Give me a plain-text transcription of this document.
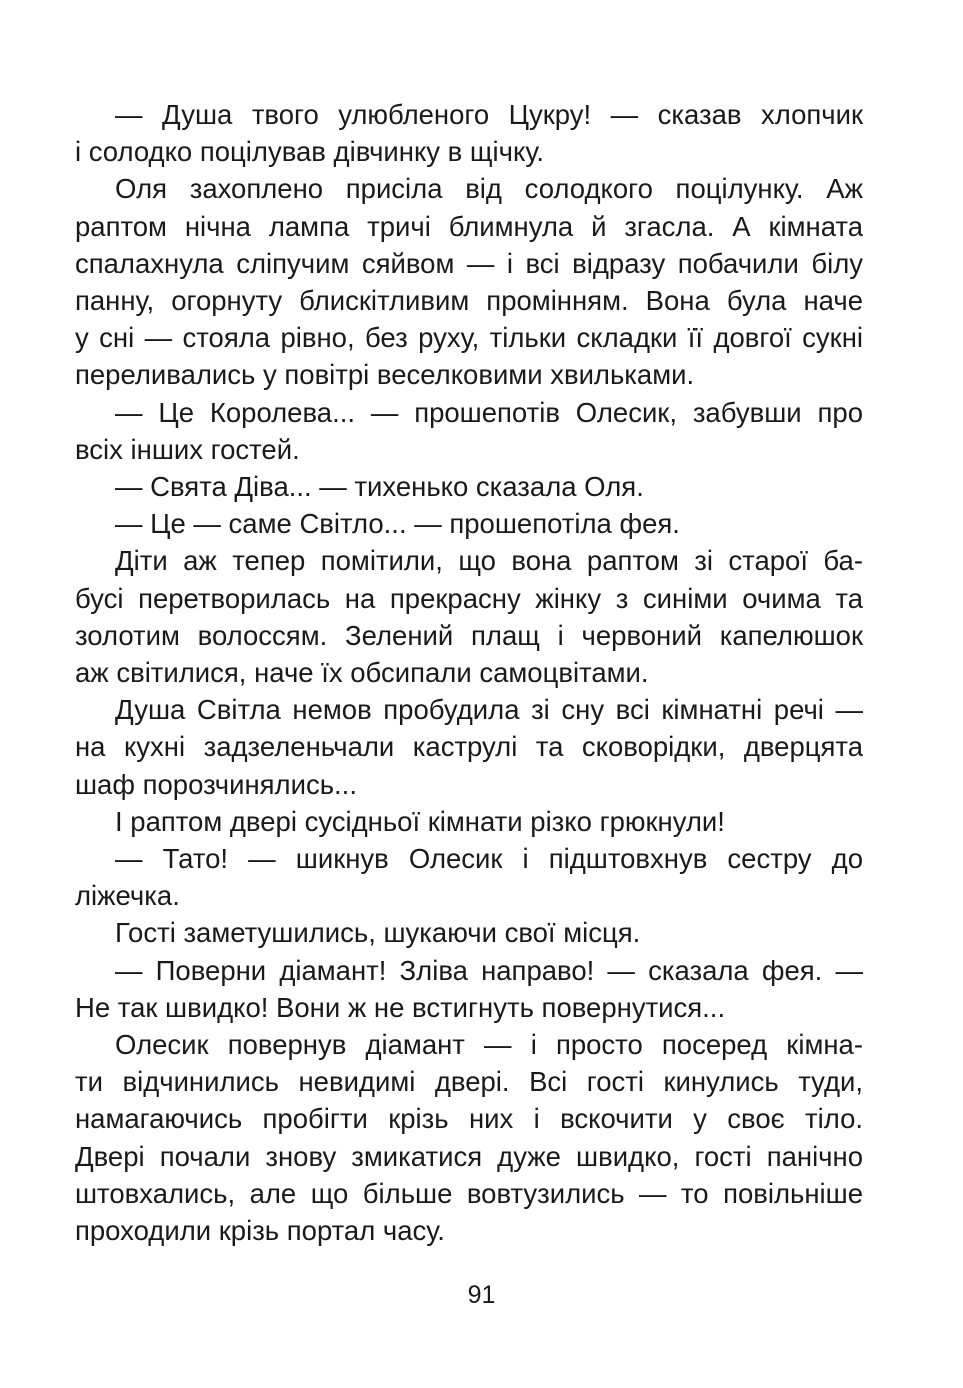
— Душа твого улюбленого Цукру! — сказав хлопчик
і солодко поцілував дівчинку в щічку.

Оля захоплено присіла від солодкого поцілунку. Аж
раптом нічна лампа тричі блимнула й згасла. А кімната
спалахнула сліпучим сяйвом — і всі відразу побачили білу
панну, огорнуту блискітливим промінням. Вона була наче
у сні — стояла рівно, без руху, тільки складки її довгої сукні
переливались у повітрі веселковими хвильками.

— Це Королева... — прошепотів Олесик, забувши про
всіх інших гостей.

— Свята Діва... — тихенько сказала Оля.

— Це — саме Світло... — прошепотіла фея.

Діти аж тепер помітили, що вона раптом зі старої ба-
бусі перетворилась на прекрасну жінку з синіми очима та
золотим волоссям. Зелений плащ і червоний капелюшок
аж світилися, наче їх обсипали самоцвітами.

Душа Світла немов пробудила зі сну всі кімнатні речі —
на кухні задзеленьчали каструлі та сковорідки, дверцята
шаф порозчинялись...

І раптом двері сусідньої кімнати різко грюкнули!

— Тато! — шикнув Олесик і підштовхнув сестру до
ліжечка.

Гості заметушились, шукаючи свої місця.

— Поверни діамант! Зліва направо! — сказала фея. —
Не так швидко! Вони ж не встигнуть повернутися...

Олесик повернув діамант — і просто посеред кімна-
ти відчинились невидимі двері. Всі гості кинулись туди,
намагаючись пробігти крізь них і вскочити у своє тіло.
Двері почали знову змикатися дуже швидко, гості панічно
штовхались, але що більше вовтузились — то повільніше
проходили крізь портал часу.

91
